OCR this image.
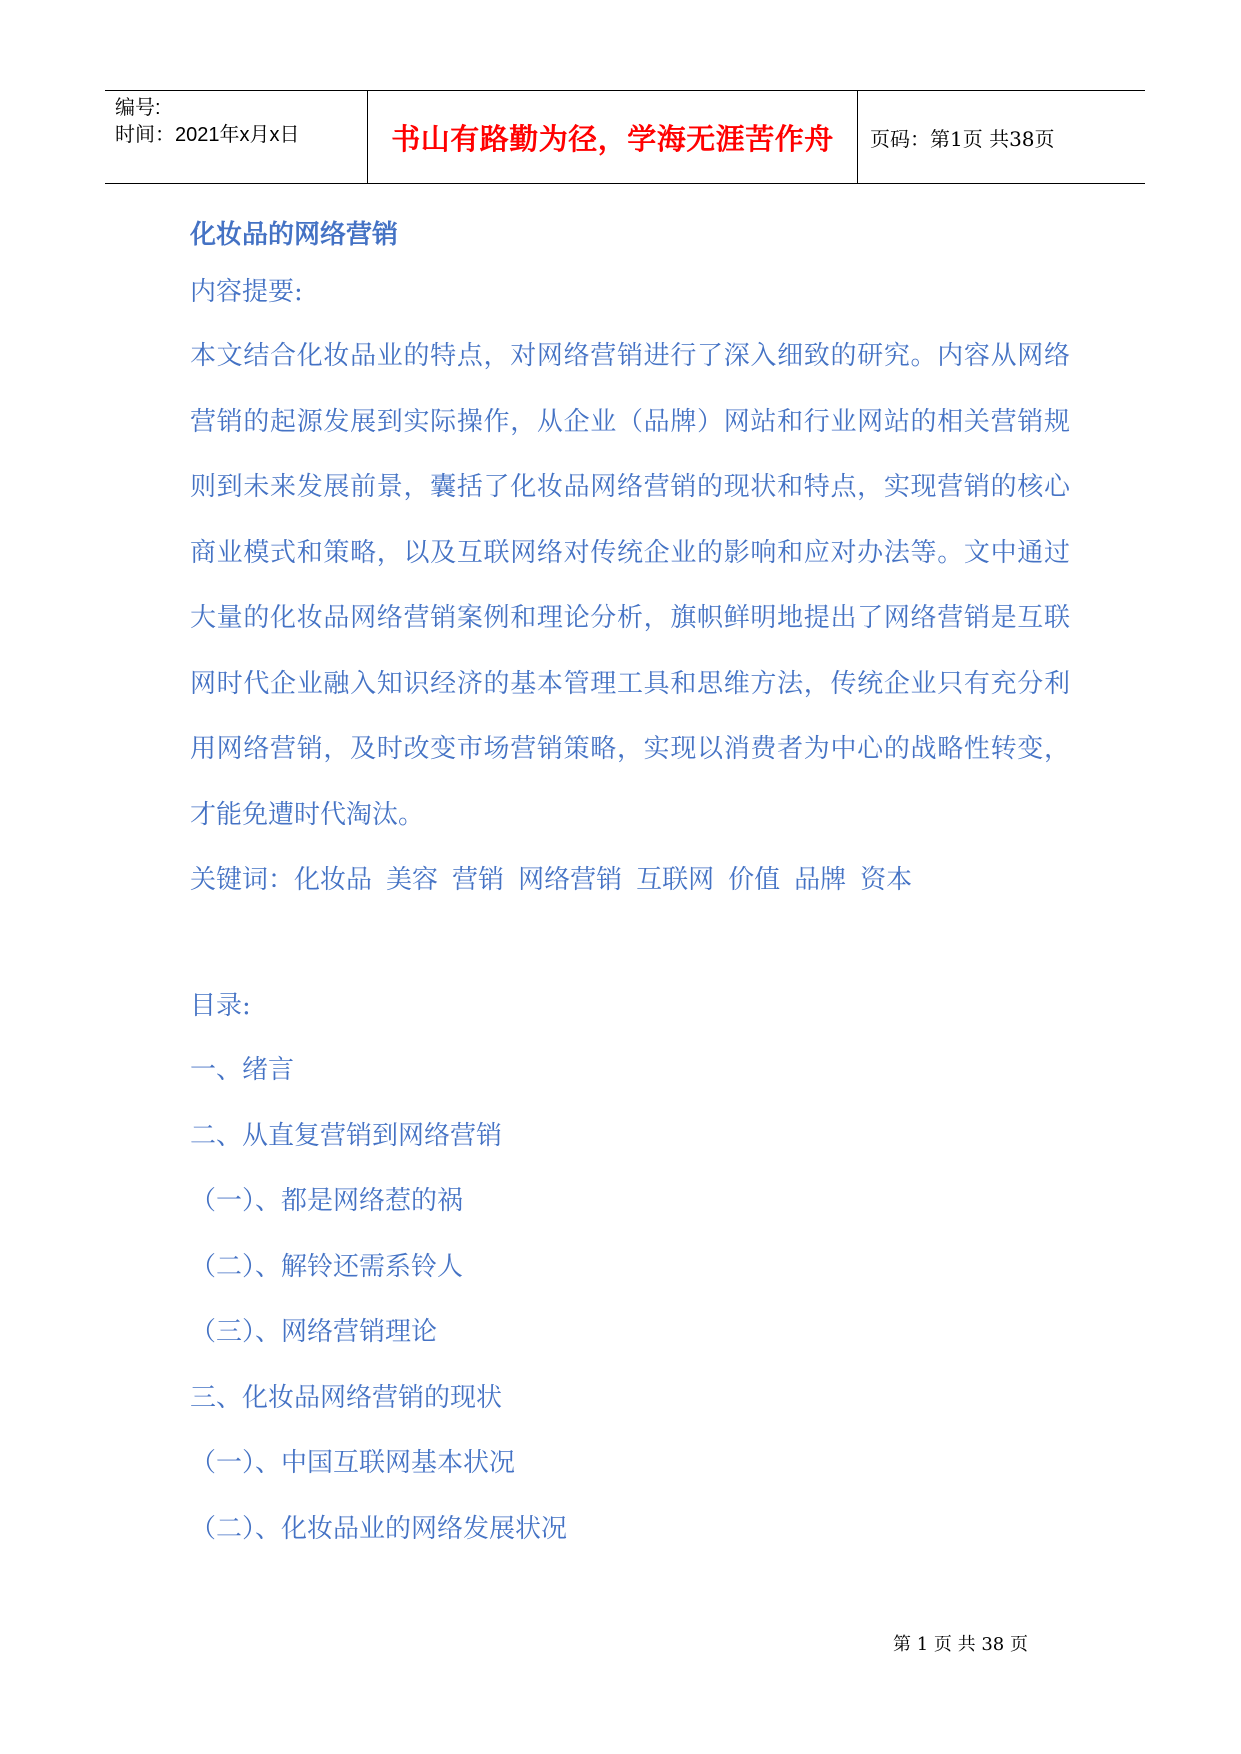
编号:
时间：2021年x月x日	书山有路勤为径，学海无涯苦作舟	页码：第1页 共38页
化妆品的网络营销
内容提要:
本文结合化妆品业的特点，对网络营销进行了深入细致的研究。内容从网络营销的起源发展到实际操作，从企业（品牌）网站和行业网站的相关营销规则到未来发展前景，囊括了化妆品网络营销的现状和特点，实现营销的核心商业模式和策略，以及互联网络对传统企业的影响和应对办法等。文中通过大量的化妆品网络营销案例和理论分析，旗帜鲜明地提出了网络营销是互联网时代企业融入知识经济的基本管理工具和思维方法，传统企业只有充分利用网络营销，及时改变市场营销策略，实现以消费者为中心的战略性转变，才能免遭时代淘汰。
关键词：化妆品 美容 营销 网络营销 互联网 价值 品牌 资本
目录:
一、绪言
二、从直复营销到网络营销
（一）、都是网络惹的祸
（二）、解铃还需系铃人
（三）、网络营销理论
三、化妆品网络营销的现状
（一）、中国互联网基本状况
（二）、化妆品业的网络发展状况
第 1 页 共 38 页
